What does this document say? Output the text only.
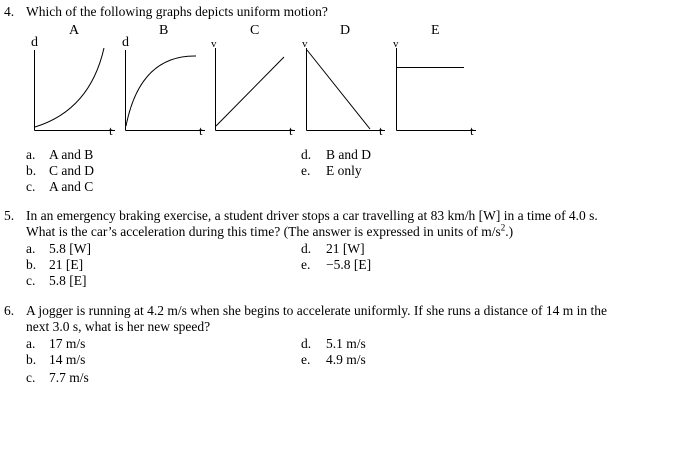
4. Which of the following graphs depicts uniform motion?
A	B	C	D	E
d
t
d
t
v
t
v
t
v
t
a. A and B
b. C and D
c. A and C
d. B and D
e. E only
5. In an emergency braking exercise, a student driver stops a car travelling at 83 km/h [W] in a time of 4.0 s.
What is the car’s acceleration during this time? (The answer is expressed in units of $m/s^2$.)
a. 5.8 [W]
b. 21 [E]
c. 5.8 [E]
d. 21 [W]
e. −5.8 [E]
6. A jogger is running at 4.2 m/s when she begins to accelerate uniformly. If she runs a distance of 14 m in the
next 3.0 s, what is her new speed?
a. 17 m/s
b. 14 m/s
c. 7.7 m/s
d. 5.1 m/s
e. 4.9 m/s
